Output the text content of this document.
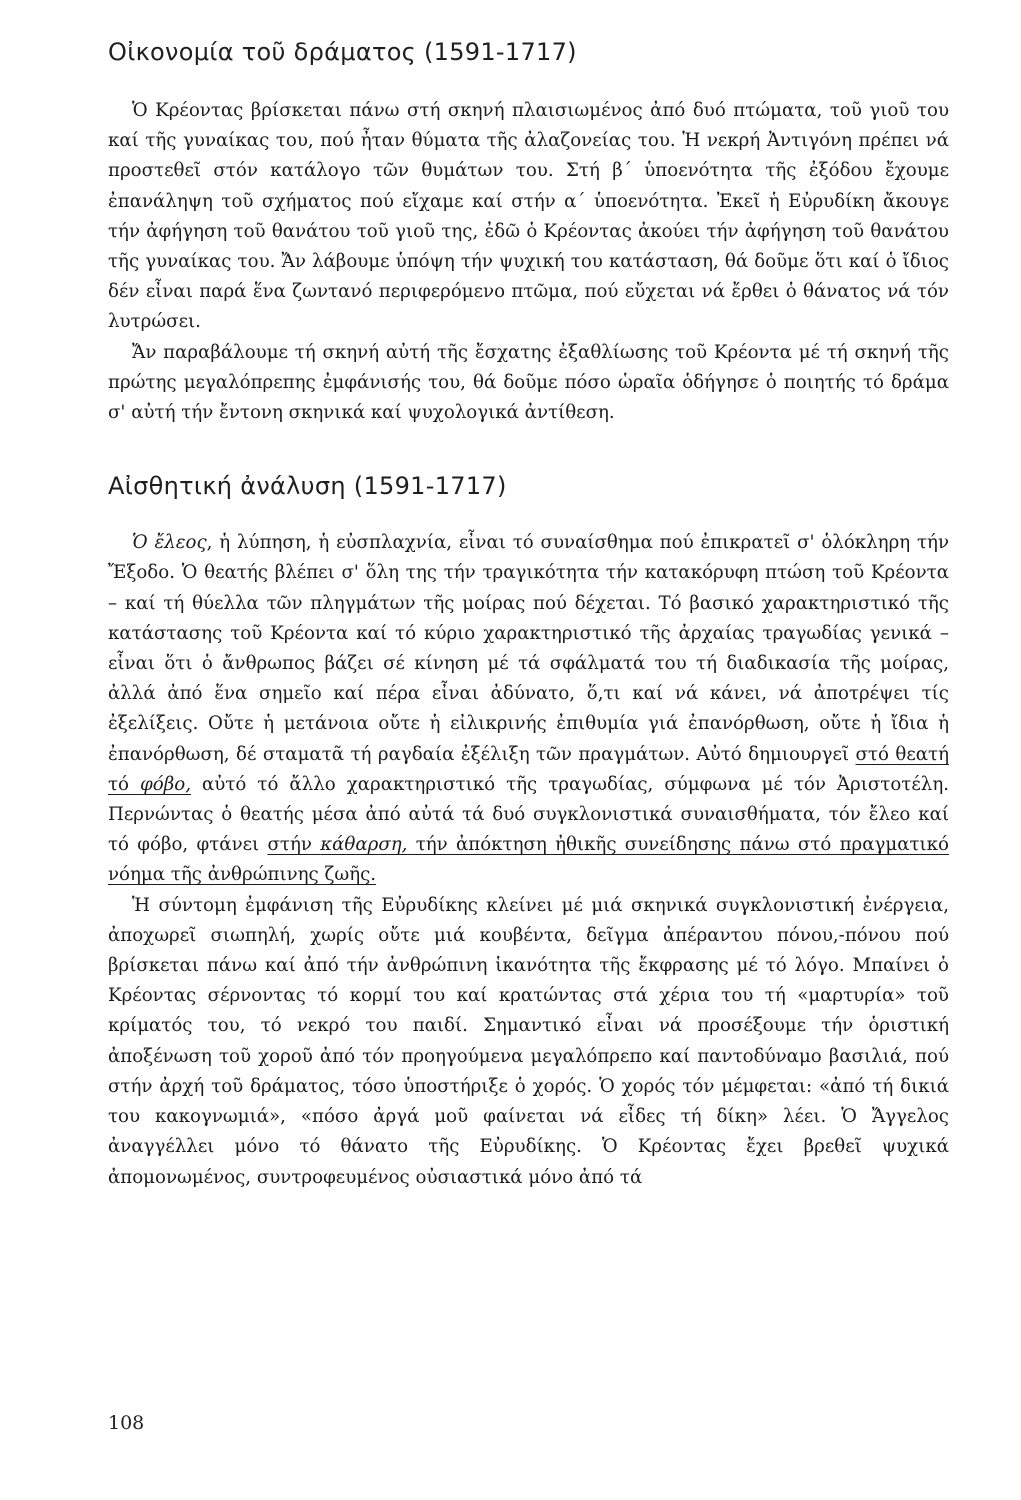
Οἰκονομία τοῦ δράματος (1591-1717)

Ὁ Κρέοντας βρίσκεται πάνω στή σκηνή πλαισιωμένος ἀπό δυό πτώματα, τοῦ γιοῦ του καί τῆς γυναίκας του, πού ἦταν θύματα τῆς ἀλαζονείας του. Ἡ νεκρή Ἀντιγόνη πρέπει νά προστεθεῖ στόν κατάλογο τῶν θυμάτων του. Στή β΄ ὑποενότητα τῆς ἐξόδου ἔχουμε ἐπανάληψη τοῦ σχήματος πού εἴχαμε καί στήν α΄ ὑποενότητα. Ἐκεῖ ἡ Εὐρυδίκη ἄκουγε τήν ἀφήγηση τοῦ θανάτου τοῦ γιοῦ της, ἐδῶ ὁ Κρέοντας ἀκούει τήν ἀφήγηση τοῦ θανάτου τῆς γυναίκας του. Ἄν λάβουμε ὑπόψη τήν ψυχική του κατάσταση, θά δοῦμε ὅτι καί ὁ ἴδιος δέν εἶναι παρά ἕνα ζωντανό περιφερόμενο πτῶμα, πού εὔχεται νά ἔρθει ὁ θάνατος νά τόν λυτρώσει.

Ἄν παραβάλουμε τή σκηνή αὐτή τῆς ἔσχατης ἐξαθλίωσης τοῦ Κρέοντα μέ τή σκηνή τῆς πρώτης μεγαλόπρεπης ἐμφάνισής του, θά δοῦμε πόσο ὡραῖα ὁδήγησε ὁ ποιητής τό δράμα σ' αὐτή τήν ἔντονη σκηνικά καί ψυχολογικά ἀντίθεση.

Αἰσθητική ἀνάλυση (1591-1717)

Ὁ ἔλεος, ἡ λύπηση, ἡ εὐσπλαχνία, εἶναι τό συναίσθημα πού ἐπικρατεῖ σ' ὁλόκληρη τήν Ἔξοδο. Ὁ θεατής βλέπει σ' ὅλη της τήν τραγικότητα τήν κατακόρυφη πτώση τοῦ Κρέοντα – καί τή θύελλα τῶν πληγμάτων τῆς μοίρας πού δέχεται. Τό βασικό χαρακτηριστικό τῆς κατάστασης τοῦ Κρέοντα καί τό κύριο χαρακτηριστικό τῆς ἀρχαίας τραγωδίας γενικά – εἶναι ὅτι ὁ ἄνθρωπος βάζει σέ κίνηση μέ τά σφάλματά του τή διαδικασία τῆς μοίρας, ἀλλά ἀπό ἕνα σημεῖο καί πέρα εἶναι ἀδύνατο, ὅ,τι καί νά κάνει, νά ἀποτρέψει τίς ἐξελίξεις. Οὔτε ἡ μετάνοια οὔτε ἡ εἰλικρινής ἐπιθυμία γιά ἐπανόρθωση, οὔτε ἡ ἴδια ἡ ἐπανόρθωση, δέ σταματᾶ τή ραγδαία ἐξέλιξη τῶν πραγμάτων. Αὐτό δημιουργεῖ στό θεατή τό φόβο, αὐτό τό ἄλλο χαρακτηριστικό τῆς τραγωδίας, σύμφωνα μέ τόν Ἀριστοτέλη. Περνώντας ὁ θεατής μέσα ἀπό αὐτά τά δυό συγκλονιστικά συναισθήματα, τόν ἔλεο καί τό φόβο, φτάνει στήν κάθαρση, τήν ἀπόκτηση ἠθικῆς συνείδησης πάνω στό πραγματικό νόημα τῆς ἀνθρώπινης ζωῆς.

Ἡ σύντομη ἐμφάνιση τῆς Εὐρυδίκης κλείνει μέ μιά σκηνικά συγκλονιστική ἐνέργεια, ἀποχωρεῖ σιωπηλή, χωρίς οὔτε μιά κουβέντα, δεῖγμα ἀπέραντου πόνου,-πόνου πού βρίσκεται πάνω καί ἀπό τήν ἀνθρώπινη ἱκανότητα τῆς ἔκφρασης μέ τό λόγο. Μπαίνει ὁ Κρέοντας σέρνοντας τό κορμί του καί κρατώντας στά χέρια του τή «μαρτυρία» τοῦ κρίματός του, τό νεκρό του παιδί. Σημαντικό εἶναι νά προσέξουμε τήν ὁριστική ἀποξένωση τοῦ χοροῦ ἀπό τόν προηγούμενα μεγαλόπρεπο καί παντοδύναμο βασιλιά, πού στήν ἀρχή τοῦ δράματος, τόσο ὑποστήριξε ὁ χορός. Ὁ χορός τόν μέμφεται: «ἀπό τή δικιά του κακογνωμιά», «πόσο ἀργά μοῦ φαίνεται νά εἶδες τή δίκη» λέει. Ὁ Ἄγγελος ἀναγγέλλει μόνο τό θάνατο τῆς Εὐρυδίκης. Ὁ Κρέοντας ἔχει βρεθεῖ ψυχικά ἀπομονωμένος, συντροφευμένος οὐσιαστικά μόνο ἀπό τά

108
